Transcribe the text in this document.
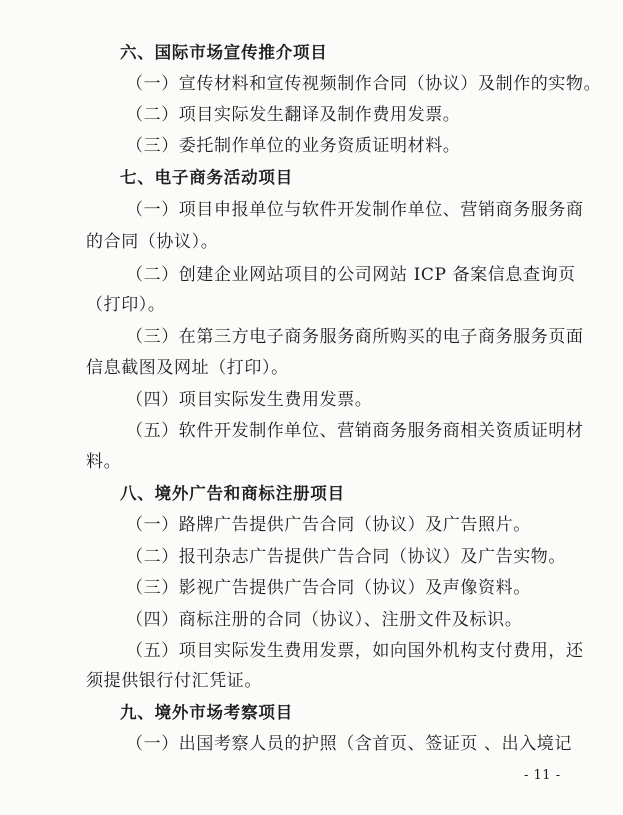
六、国际市场宣传推介项目
（一）宣传材料和宣传视频制作合同（协议）及制作的实物。
（二）项目实际发生翻译及制作费用发票。
（三）委托制作单位的业务资质证明材料。
七、电子商务活动项目
（一）项目申报单位与软件开发制作单位、营销商务服务商
的合同（协议）。
（二）创建企业网站项目的公司网站 ICP 备案信息查询页
（打印）。
（三）在第三方电子商务服务商所购买的电子商务服务页面
信息截图及网址（打印）。
（四）项目实际发生费用发票。
（五）软件开发制作单位、营销商务服务商相关资质证明材
料。
八、境外广告和商标注册项目
（一）路牌广告提供广告合同（协议）及广告照片。
（二）报刊杂志广告提供广告合同（协议）及广告实物。
（三）影视广告提供广告合同（协议）及声像资料。
（四）商标注册的合同（协议）、注册文件及标识。
（五）项目实际发生费用发票，如向国外机构支付费用，还
须提供银行付汇凭证。
九、境外市场考察项目
（一）出国考察人员的护照（含首页、签证页 、出入境记
- 11 -
